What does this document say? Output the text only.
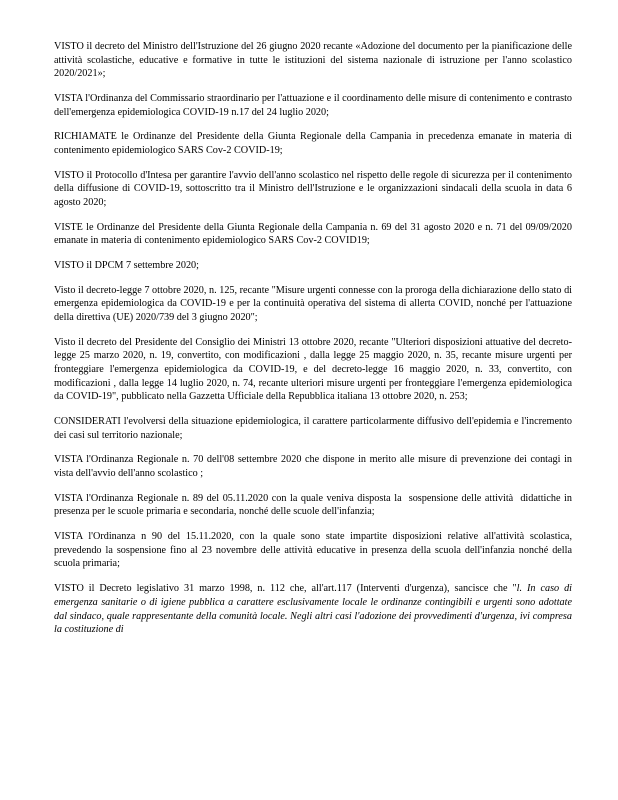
VISTO il decreto del Ministro dell'Istruzione del 26 giugno 2020 recante «Adozione del documento per la pianificazione delle attività scolastiche, educative e formative in tutte le istituzioni del sistema nazionale di istruzione per l'anno scolastico 2020/2021»;

VISTA l'Ordinanza del Commissario straordinario per l'attuazione e il coordinamento delle misure di contenimento e contrasto dell'emergenza epidemiologica COVID-19 n.17 del 24 luglio 2020;

RICHIAMATE le Ordinanze del Presidente della Giunta Regionale della Campania in precedenza emanate in materia di contenimento epidemiologico SARS Cov-2 COVID-19;

VISTO il Protocollo d'Intesa per garantire l'avvio dell'anno scolastico nel rispetto delle regole di sicurezza per il contenimento della diffusione di COVID-19, sottoscritto tra il Ministro dell'Istruzione e le organizzazioni sindacali della scuola in data 6 agosto 2020;

VISTE le Ordinanze del Presidente della Giunta Regionale della Campania n. 69 del 31 agosto 2020 e n. 71 del 09/09/2020 emanate in materia di contenimento epidemiologico SARS Cov-2 COVID19;

VISTO il DPCM 7 settembre 2020;

Visto il decreto-legge 7 ottobre 2020, n. 125, recante "Misure urgenti connesse con la proroga della dichiarazione dello stato di emergenza epidemiologica da COVID-19 e per la continuità operativa del sistema di allerta COVID, nonché per l'attuazione della direttiva (UE) 2020/739 del 3 giugno 2020";

Visto il decreto del Presidente del Consiglio dei Ministri 13 ottobre 2020, recante "Ulteriori disposizioni attuative del decreto- legge 25 marzo 2020, n. 19, convertito, con modificazioni , dalla legge 25 maggio 2020, n. 35, recante misure urgenti per fronteggiare l'emergenza epidemiologica da COVID-19, e del decreto-legge 16 maggio 2020, n. 33, convertito, con modificazioni , dalla legge 14 luglio 2020, n. 74, recante ulteriori misure urgenti per fronteggiare l'emergenza epidemiologica da COVID-19", pubblicato nella Gazzetta Ufficiale della Repubblica italiana 13 ottobre 2020, n. 253;

CONSIDERATI l'evolversi della situazione epidemiologica, il carattere particolarmente diffusivo dell'epidemia e l'incremento dei casi sul territorio nazionale;

VISTA l'Ordinanza Regionale n. 70 dell'08 settembre 2020 che dispone in merito alle misure di prevenzione dei contagi in vista dell'avvio dell'anno scolastico ;

VISTA l'Ordinanza Regionale n. 89 del 05.11.2020 con la quale veniva disposta la  sospensione delle attività  didattiche in presenza per le scuole primaria e secondaria, nonché delle scuole dell'infanzia;

VISTA l'Ordinanza n 90 del 15.11.2020, con la quale sono state impartite disposizioni relative all'attività scolastica, prevedendo la sospensione fino al 23 novembre delle attività educative in presenza della scuola dell'infanzia nonché della scuola primaria;

VISTO il Decreto legislativo 31 marzo 1998, n. 112 che, all'art.117 (Interventi d'urgenza), sancisce che "l. In caso di emergenza sanitarie o di igiene pubblica a carattere esclusivamente locale le ordinanze contingibili e urgenti sono adottate dal sindaco, quale rappresentante della comunità locale. Negli altri casi l'adozione dei provvedimenti d'urgenza, ivi compresa la costituzione di
